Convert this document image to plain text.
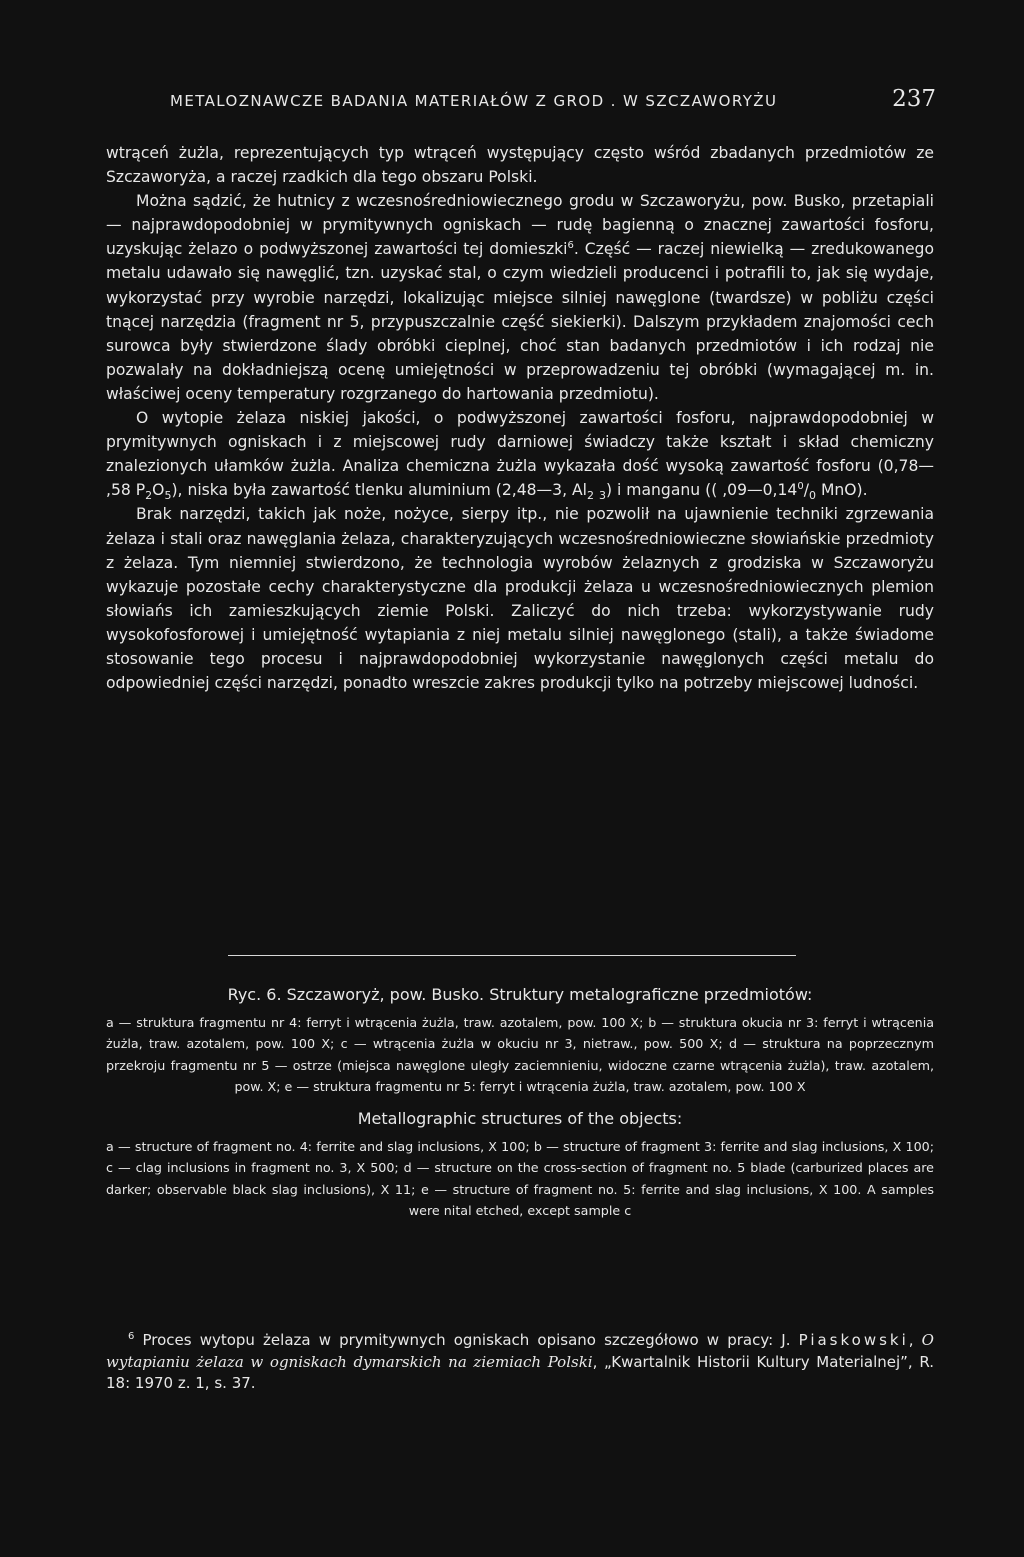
METALOZNAWCZE BADANIA MATERIAŁÓW Z GROD . W SZCZAWORYŻU	237

wtrąceń żużla, reprezentujących typ wtrąceń występujący często wśród zbadanych przedmiotów ze Szczaworyża, a raczej rzadkich dla tego obszaru Polski.

Można sądzić, że hutnicy z wczesnośredniowiecznego grodu w Szczaworyżu, pow. Busko, przetapiali — najprawdopodobniej w prymitywnych ogniskach — rudę bagienną o znacznej zawartości fosforu, uzyskując żelazo o podwyższonej zawartości tej domieszki$^6$. Część — raczej niewielką — zredukowanego metalu udawało się nawęglić, tzn. uzyskać stal, o czym wiedzieli producenci i potrafili to, jak się wydaje, wykorzystać przy wyrobie narzędzi, lokalizując miejsce silniej nawęglone (twardsze) w pobliżu części tnącej narzędzia (fragment nr 5, przypuszczalnie część siekierki). Dalszym przykładem znajomości cech surowca były stwierdzone ślady obróbki cieplnej, choć stan badanych przedmiotów i ich rodzaj nie pozwalały na dokładniejszą ocenę umiejętności w przeprowadzeniu tej obróbki (wymagającej m. in. właściwej oceny temperatury rozgrzanego do hartowania przedmiotu).

O wytopie żelaza niskiej jakości, o podwyższonej zawartości fosforu, najprawdopodobniej w prymitywnych ogniskach i z miejscowej rudy darniowej świadczy także kształt i skład chemiczny znalezionych ułamków żużla. Analiza chemiczna żużla wykazała dość wysoką zawartość fosforu (0,78— ,58 $P_2O_5$), niska była zawartość tlenku aluminium (2,48—3, $Al_2$ $_3$) i manganu (( $,09—0,14^0/_0$ MnO).

Brak narzędzi, takich jak noże, nożyce, sierpy itp., nie pozwolił na ujawnienie techniki zgrzewania żelaza i stali oraz nawęglania żelaza, charakteryzujących wczesnośredniowieczne słowiańskie przedmioty z żelaza. Tym niemniej stwierdzono, że technologia wyrobów żelaznych z grodziska w Szczaworyżu wykazuje pozostałe cechy charakterystyczne dla produkcji żelaza u wczesnośredniowiecznych plemion słowiańs ich zamieszkujących ziemie Polski. Zaliczyć do nich trzeba: wykorzystywanie rudy wysokofosforowej i umiejętność wytapiania z niej metalu silniej nawęglonego (stali), a także świadome stosowanie tego procesu i najprawdopodobniej wykorzystanie nawęglonych części metalu do odpowiedniej części narzędzi, ponadto wreszcie zakres produkcji tylko na potrzeby miejscowej ludności.

Ryc. 6. Szczaworyż, pow. Busko. Struktury metalograficzne przedmiotów:

a — struktura fragmentu nr 4: ferryt i wtrącenia żużla, traw. azotalem, pow. 100 X; b — struktura okucia nr 3: ferryt i wtrącenia żużla, traw. azotalem, pow. 100 X; c — wtrącenia żużla w okuciu nr 3, nietraw., pow. 500 X; d — struktura na poprzecznym przekroju fragmentu nr 5 — ostrze (miejsca nawęglone uległy zaciemnieniu, widoczne czarne wtrącenia żużla), traw. azotalem, pow. X; e — struktura fragmentu nr 5: ferryt i wtrącenia żużla, traw. azotalem, pow. 100 X

Metallographic structures of the objects:

a — structure of fragment no. 4: ferrite and slag inclusions, X 100; b — structure of fragment 3: ferrite and slag inclusions, X 100; c — clag inclusions in fragment no. 3, X 500; d — structure on the cross-section of fragment no. 5 blade (carburized places are darker; observable black slag inclusions), X 11; e — structure of fragment no. 5: ferrite and slag inclusions, X 100. A samples were nital etched, except sample c

$^6$ Proces wytopu żelaza w prymitywnych ogniskach opisano szczegółowo w pracy: J. Piaskowski, O wytapianiu żelaza w ogniskach dymarskich na ziemiach Polski, „Kwartalnik Historii Kultury Materialnej”, R. 18: 1970 z. 1, s. 37.
